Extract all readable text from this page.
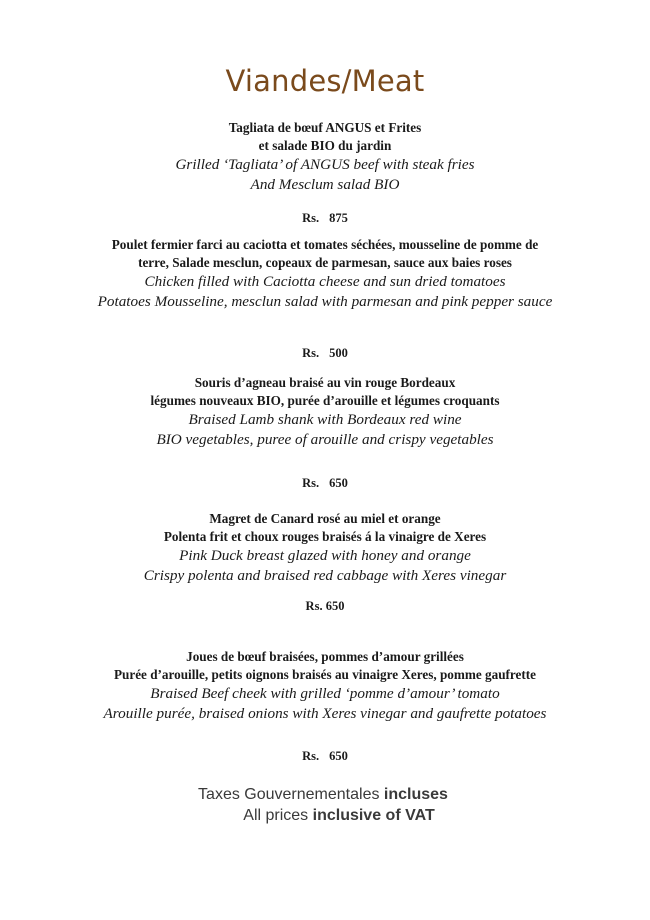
Viandes/Meat

Tagliata de bœuf ANGUS et Frites

et salade BIO du jardin

Grilled ‘Tagliata’ of ANGUS beef with steak fries

And Mesclum salad BIO

Rs. 875

Poulet fermier farci au caciotta et tomates séchées, mousseline de pomme de

terre, Salade mesclun, copeaux de parmesan, sauce aux baies roses

Chicken filled with Caciotta cheese and sun dried tomatoes

Potatoes Mousseline, mesclun salad with parmesan and pink pepper sauce

Rs. 500

Souris d’agneau braisé au vin rouge Bordeaux

légumes nouveaux BIO, purée d’arouille et légumes croquants

Braised Lamb shank with Bordeaux red wine

BIO vegetables, puree of arouille and crispy vegetables

Rs. 650

Magret de Canard rosé au miel et orange

Polenta frit et choux rouges braisés á la vinaigre de Xeres

Pink Duck breast glazed with honey and orange

Crispy polenta and braised red cabbage with Xeres vinegar

Rs. 650

Joues de bœuf braisées, pommes d’amour grillées

Purée d’arouille, petits oignons braisés au vinaigre Xeres, pomme gaufrette

Braised Beef cheek with grilled ‘pomme d’amour’ tomato

Arouille purée, braised onions with Xeres vinegar and gaufrette potatoes

Rs. 650

Taxes Gouvernementales incluses

All prices inclusive of VAT
